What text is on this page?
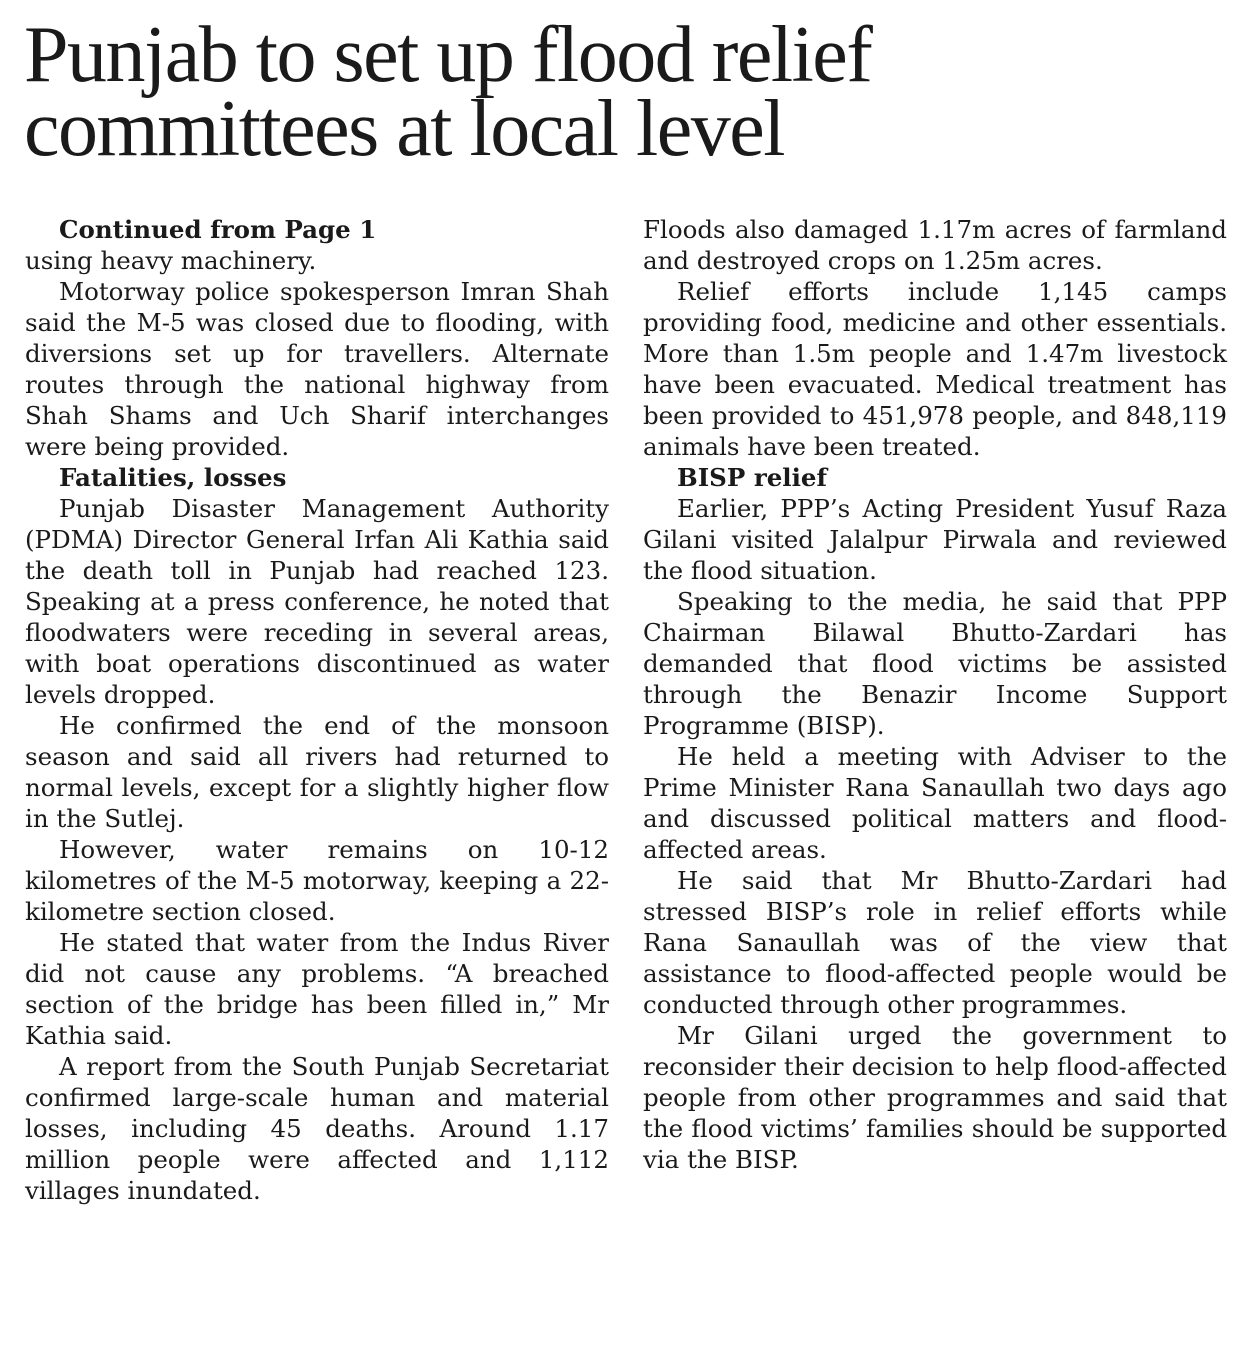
Punjab to set up flood relief committees at local level

Continued from Page 1

using heavy machinery.

Motorway police spokesperson Imran Shah said the M-5 was closed due to flooding, with diversions set up for travellers. Alternate routes through the national highway from Shah Shams and Uch Sharif interchanges were being provided.

Fatalities, losses

Punjab Disaster Management Authority (PDMA) Director General Irfan Ali Kathia said the death toll in Punjab had reached 123. Speaking at a press conference, he noted that floodwaters were receding in several areas, with boat operations discontinued as water levels dropped.

He confirmed the end of the monsoon season and said all rivers had returned to normal levels, except for a slightly higher flow in the Sutlej.

However, water remains on 10-12 kilometres of the M-5 motorway, keeping a 22-kilometre section closed.

He stated that water from the Indus River did not cause any problems. “A breached section of the bridge has been filled in,” Mr Kathia said.

A report from the South Punjab Secretariat confirmed large-scale human and material losses, including 45 deaths. Around 1.17 million people were affected and 1,112 villages inundated.

Floods also damaged 1.17m acres of farmland and destroyed crops on 1.25m acres.

Relief efforts include 1,145 camps providing food, medicine and other essentials. More than 1.5m people and 1.47m livestock have been evacuated. Medical treatment has been provided to 451,978 people, and 848,119 animals have been treated.

BISP relief

Earlier, PPP’s Acting President Yusuf Raza Gilani visited Jalalpur Pirwala and reviewed the flood situation.

Speaking to the media, he said that PPP Chairman Bilawal Bhutto-Zardari has demanded that flood victims be assisted through the Benazir Income Support Programme (BISP).

He held a meeting with Adviser to the Prime Minister Rana Sanaullah two days ago and discussed political matters and flood-affected areas.

He said that Mr Bhutto-Zardari had stressed BISP’s role in relief efforts while Rana Sanaullah was of the view that assistance to flood-affected people would be conducted through other programmes.

Mr Gilani urged the government to reconsider their decision to help flood-affected people from other programmes and said that the flood victims’ families should be supported via the BISP.
